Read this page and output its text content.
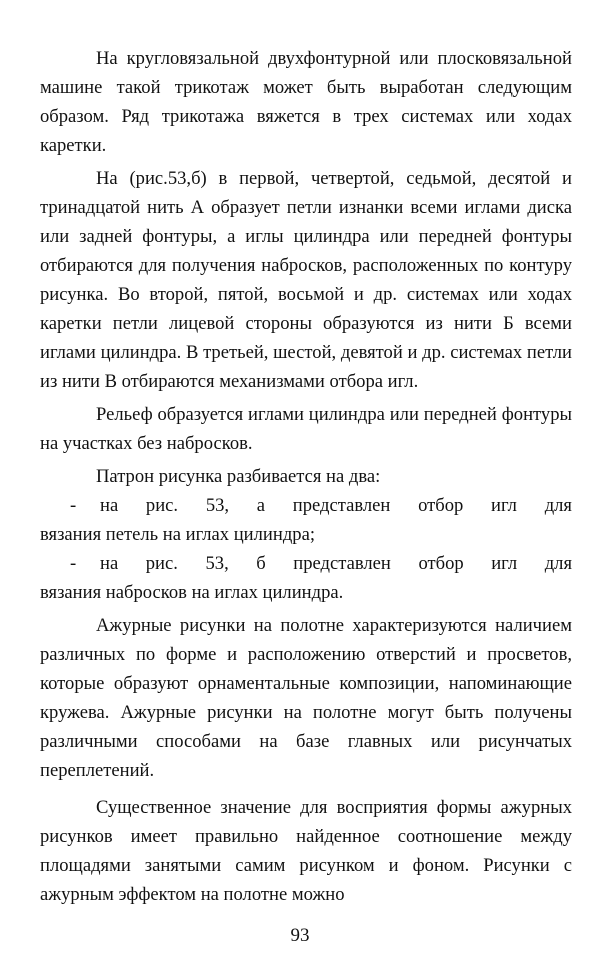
На кругловязальной двухфонтурной или плосковязальной машине такой трикотаж может быть выработан следующим образом. Ряд трикотажа вяжется в трех системах или ходах каретки.

На (рис.53,б) в первой, четвертой, седьмой, десятой и тринадцатой нить А образует петли изнанки всеми иглами диска или задней фонтуры, а иглы цилиндра или передней фонтуры отбираются для получения набросков, расположенных по контуру рисунка. Во второй, пятой, восьмой и др. системах или ходах каретки петли лицевой стороны образуются из нити Б всеми иглами цилиндра. В третьей, шестой, девятой и др. системах петли из нити В отбираются механизмами отбора игл.

Рельеф образуется иглами цилиндра или передней фонтуры на участках без набросков.

Патрон рисунка разбивается на два:

-	на рис. 53, а представлен отбор игл для
вязания петель на иглах цилиндра;
-	на рис. 53, б представлен отбор игл для
вязания набросков на иглах цилиндра.

Ажурные рисунки на полотне характеризуются наличием различных по форме и расположению отверстий и просветов, которые образуют орнаментальные композиции, напоминающие кружева. Ажурные рисунки на полотне могут быть получены различными способами на базе главных или рисунчатых переплетений.

Существенное значение для восприятия формы ажурных рисунков имеет правильно найденное соотношение между площадями занятыми самим рисунком и фоном. Рисунки с ажурным эффектом на полотне можно

93
